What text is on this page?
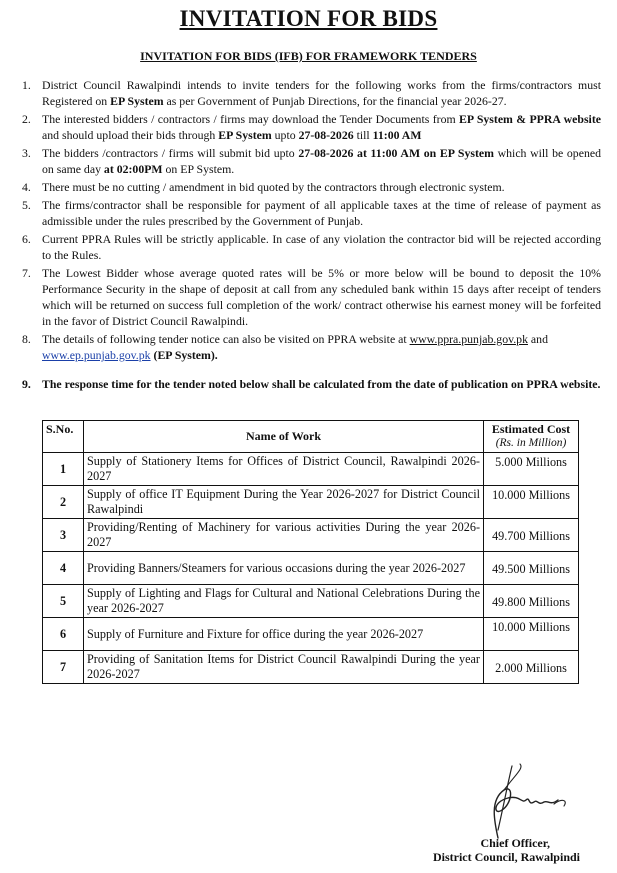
INVITATION FOR BIDS
INVITATION FOR BIDS (IFB) FOR FRAMEWORK TENDERS
1. District Council Rawalpindi intends to invite tenders for the following works from the firms/contractors must Registered on EP System as per Government of Punjab Directions, for the financial year 2026-27.
2. The interested bidders / contractors / firms may download the Tender Documents from EP System & PPRA website and should upload their bids through EP System upto 27-08-2026 till 11:00 AM
3. The bidders /contractors / firms will submit bid upto 27-08-2026 at 11:00 AM on EP System which will be opened on same day at 02:00PM on EP System.
4. There must be no cutting / amendment in bid quoted by the contractors through electronic system.
5. The firms/contractor shall be responsible for payment of all applicable taxes at the time of release of payment as admissible under the rules prescribed by the Government of Punjab.
6. Current PPRA Rules will be strictly applicable. In case of any violation the contractor bid will be rejected according to the Rules.
7. The Lowest Bidder whose average quoted rates will be 5% or more below will be bound to deposit the 10% Performance Security in the shape of deposit at call from any scheduled bank within 15 days after receipt of tenders which will be returned on success full completion of the work/ contract otherwise his earnest money will be forfeited in the favor of District Council Rawalpindi.
8. The details of following tender notice can also be visited on PPRA website at www.ppra.punjab.gov.pk and
www.ep.punjab.gov.pk (EP System).
9. The response time for the tender noted below shall be calculated from the date of publication on PPRA website.
S.No.	Name of Work	Estimated Cost
(Rs. in Million)
1	Supply of Stationery Items for Offices of District Council, Rawalpindi 2026-2027	5.000 Millions
2	Supply of office IT Equipment During the Year 2026-2027 for District Council Rawalpindi	10.000 Millions
3	Providing/Renting of Machinery for various activities During the year 2026-2027	49.700 Millions
4	Providing Banners/Steamers for various occasions during the year 2026-2027	49.500 Millions
5	Supply of Lighting and Flags for Cultural and National Celebrations During the year 2026-2027	49.800 Millions
6	Supply of Furniture and Fixture for office during the year 2026-2027	10.000 Millions
7	Providing of Sanitation Items for District Council Rawalpindi During the year 2026-2027	2.000 Millions
Chief Officer,
District Council, Rawalpindi
